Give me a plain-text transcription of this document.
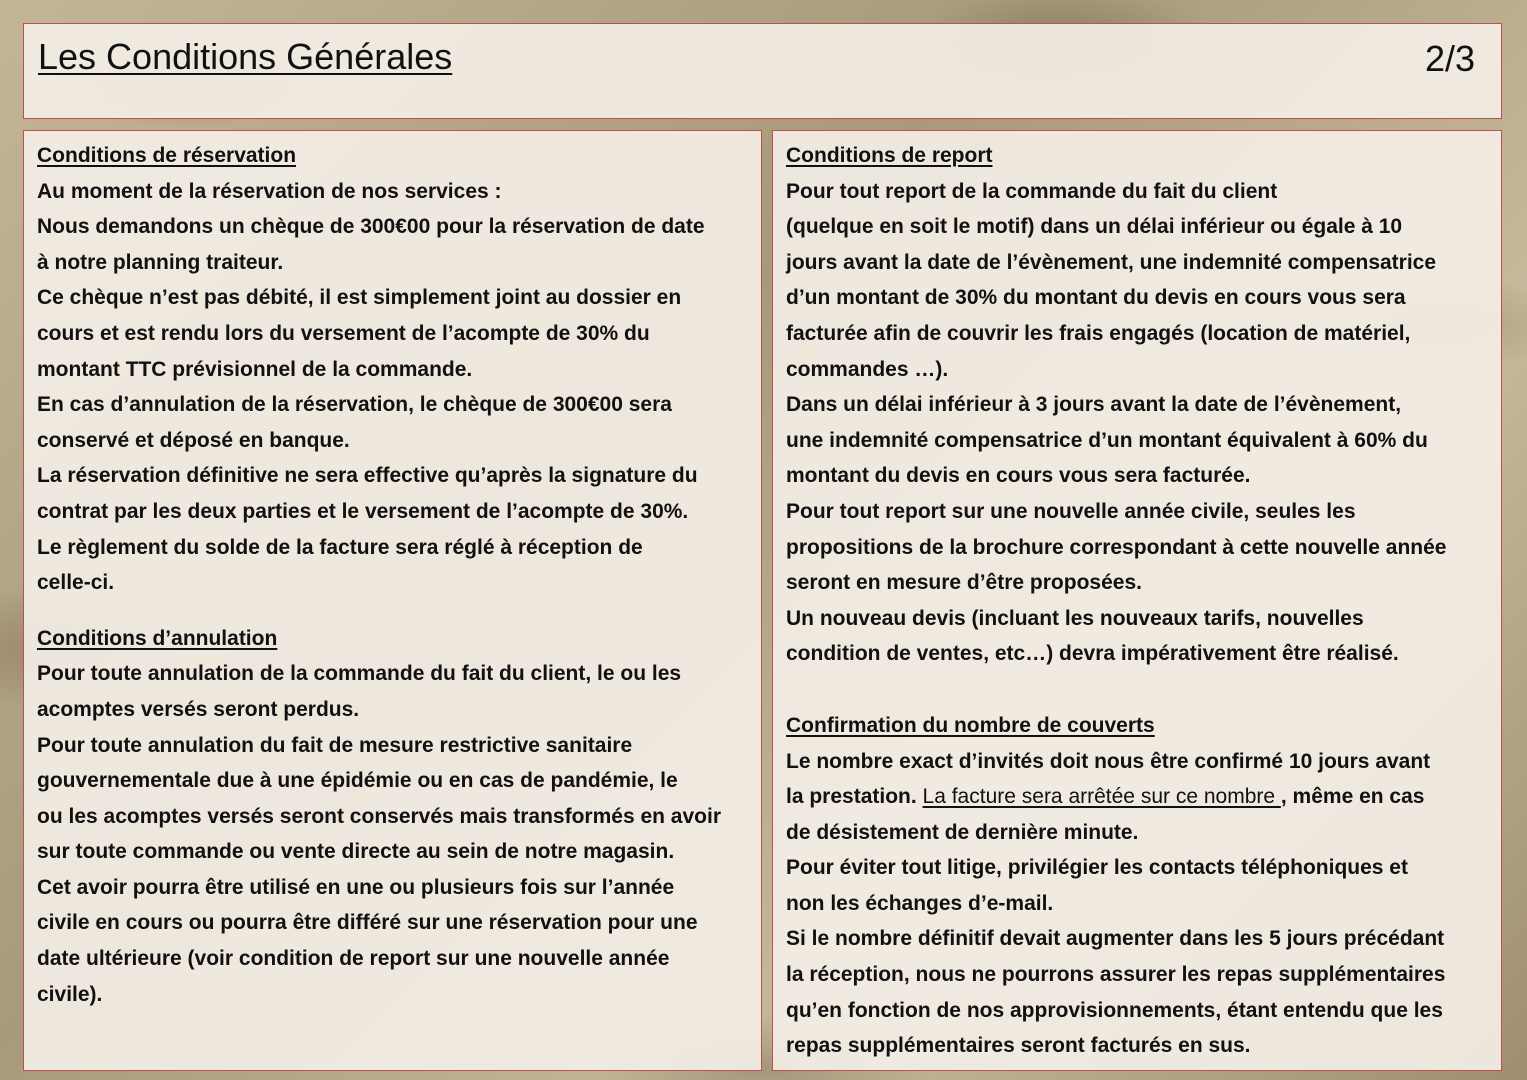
Les Conditions Générales	2/3

Conditions de réservation

Au moment de la réservation de nos services :

Nous demandons un chèque de 300€00 pour la réservation de date

à notre planning traiteur.

Ce chèque n’est pas débité, il est simplement joint au dossier en

cours et est rendu lors du versement de l’acompte de 30% du

montant TTC prévisionnel de la commande.

En cas d’annulation de la réservation, le chèque de 300€00 sera

conservé et déposé en banque.

La réservation définitive ne sera effective qu’après la signature du

contrat par les deux parties et le versement de l’acompte de 30%.

Le règlement du solde de la facture sera réglé à réception de

celle-ci.

Conditions d’annulation

Pour toute annulation de la commande du fait du client, le ou les

acomptes versés seront perdus.

Pour toute annulation du fait de mesure restrictive sanitaire

gouvernementale due à une épidémie ou en cas de pandémie, le

ou les acomptes versés seront conservés mais transformés en avoir

sur toute commande ou vente directe au sein de notre magasin.

Cet avoir pourra être utilisé en une ou plusieurs fois sur l’année

civile en cours ou pourra être différé sur une réservation pour une

date ultérieure (voir condition de report sur une nouvelle année

civile).

Conditions de report

Pour tout report de la commande du fait du client

(quelque en soit le motif) dans un délai inférieur ou égale à 10

jours avant la date de l’évènement, une indemnité compensatrice

d’un montant de 30% du montant du devis en cours vous sera

facturée afin de couvrir les frais engagés (location de matériel,

commandes …).

Dans un délai inférieur à 3 jours avant la date de l’évènement,

une indemnité compensatrice d’un montant équivalent à 60% du

montant du devis en cours vous sera facturée.

Pour tout report sur une nouvelle année civile, seules les

propositions de la brochure correspondant à cette nouvelle année

seront en mesure d’être proposées.

Un nouveau devis (incluant les nouveaux tarifs, nouvelles

condition de ventes, etc…) devra impérativement être réalisé.

Confirmation du nombre de couverts

Le nombre exact d’invités doit nous être confirmé 10 jours avant

la prestation. La facture sera arrêtée sur ce nombre , même en cas

de désistement de dernière minute.

Pour éviter tout litige, privilégier les contacts téléphoniques et

non les échanges d’e-mail.

Si le nombre définitif devait augmenter dans les 5 jours précédant

la réception, nous ne pourrons assurer les repas supplémentaires

qu’en fonction de nos approvisionnements, étant entendu que les

repas supplémentaires seront facturés en sus.
